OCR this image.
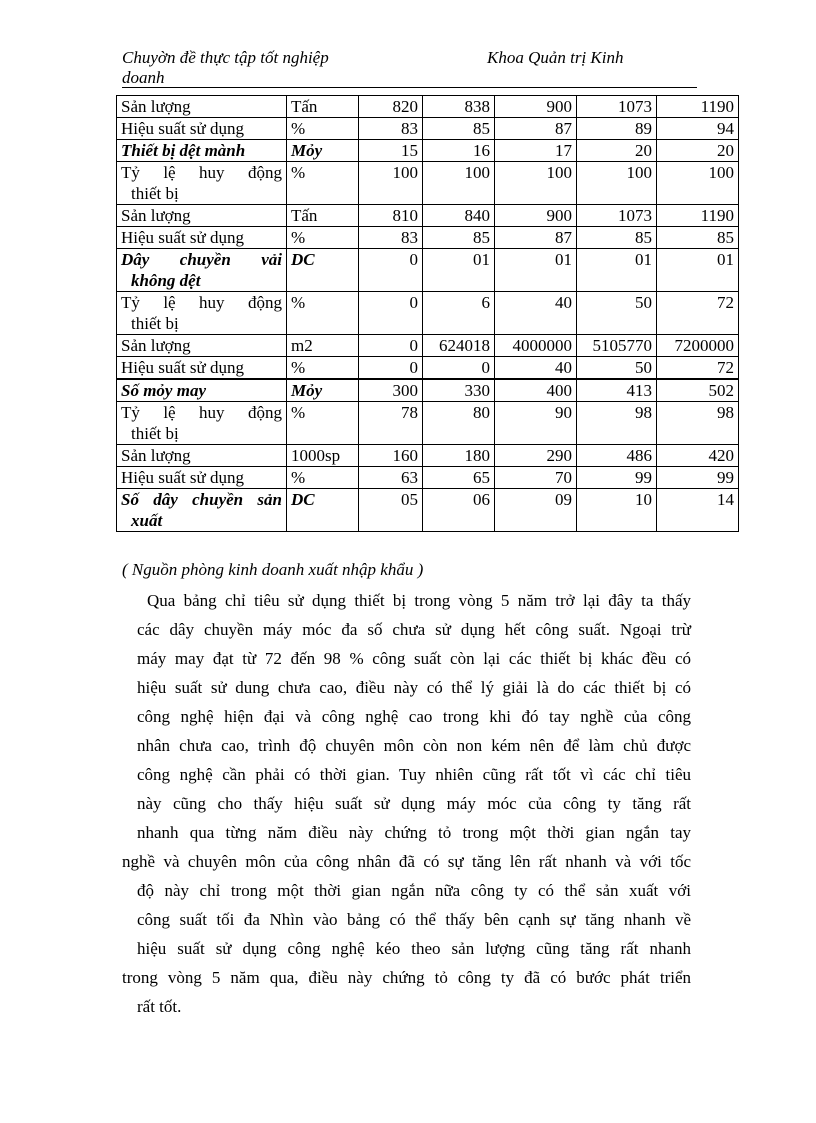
Chuyờn đề thực tập tốt nghiệp	Khoa Quản trị Kinh
doanh
Sản lượng	Tấn	820	838	900	1073	1190

Hiệu suất sử dụng	%	83	85	87	89	94

Thiết bị dệt mành	Mỏy	15	16	17	20	20

Tỷ lệ huy động
thiết bị	%	100	100	100	100	100

Sản lượng	Tấn	810	840	900	1073	1190

Hiệu suất sử dụng	%	83	85	87	85	85

Dây chuyền vải
không dệt	DC	0	01	01	01	01

Tỷ lệ huy động
thiết bị	%	0	6	40	50	72

Sản lượng	m2	0	624018	4000000	5105770	7200000

Hiệu suất sử dụng	%	0	0	40	50	72

Số mỏy may	Mỏy	300	330	400	413	502

Tỷ lệ huy động
thiết bị	%	78	80	90	98	98

Sản lượng	1000sp	160	180	290	486	420

Hiệu suất sử dụng	%	63	65	70	99	99

Số dây chuyền sản
xuất	DC	05	06	09	10	14
( Nguồn phòng kinh doanh xuất nhập khẩu )
Qua bảng chỉ tiêu sử dụng thiết bị trong vòng 5 năm trở lại đây ta thấy
các dây chuyền máy móc đa số chưa sử dụng hết công suất. Ngoại trừ
máy may đạt từ 72 đến 98 % công suất còn lại các thiết bị khác đều có
hiệu suất sử dung chưa cao, điều này có thể lý giải là do các thiết bị có
công nghệ hiện đại và công nghệ cao trong khi đó tay nghề của công
nhân chưa cao, trình độ chuyên môn còn non kém nên để làm chủ được
công nghệ cần phải có thời gian. Tuy nhiên cũng rất tốt vì các chỉ tiêu
này cũng cho thấy hiệu suất sử dụng máy móc của công ty tăng rất
nhanh qua từng năm điều này chứng tỏ trong một thời gian ngắn tay
nghề và chuyên môn của công nhân đã có sự tăng lên rất nhanh và với tốc
độ này chỉ trong một thời gian ngắn nữa công ty có thể sản xuất với
công suất tối đa Nhìn vào bảng có thể thấy bên cạnh sự tăng nhanh về
hiệu suất sử dụng công nghệ kéo theo sản lượng cũng tăng rất nhanh
trong vòng 5 năm qua, điều này chứng tỏ công ty đã có bước phát triển
rất tốt.
